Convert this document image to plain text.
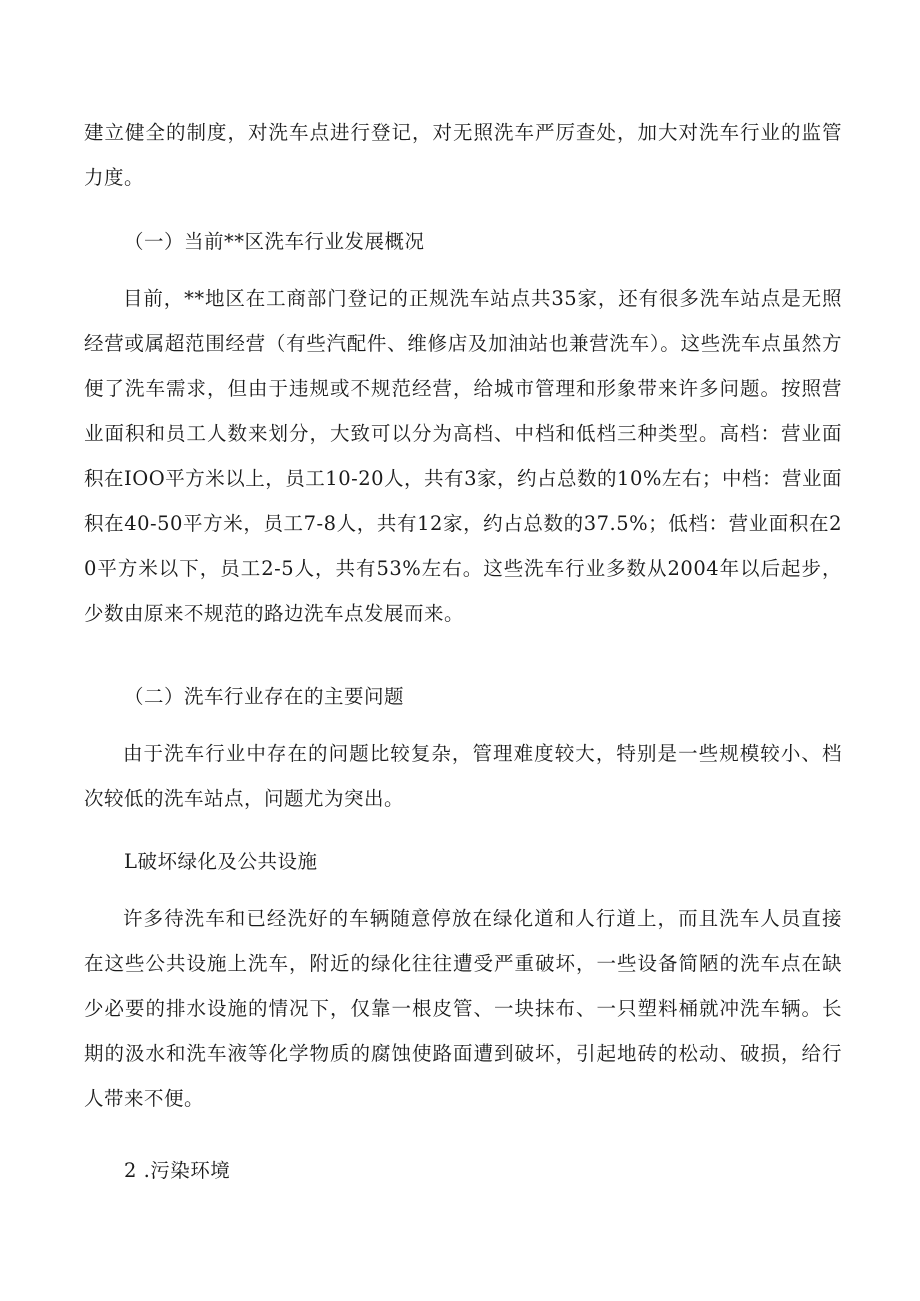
建立健全的制度，对洗车点进行登记，对无照洗车严厉查处，加大对洗车行业的监管力度。

（一）当前**区洗车行业发展概况

目前，**地区在工商部门登记的正规洗车站点共35家，还有很多洗车站点是无照经营或属超范围经营（有些汽配件、维修店及加油站也兼营洗车）。这些洗车点虽然方便了洗车需求，但由于违规或不规范经营，给城市管理和形象带来许多问题。按照营业面积和员工人数来划分，大致可以分为高档、中档和低档三种类型。高档：营业面积在IOO平方米以上，员工10-20人，共有3家，约占总数的10%左右；中档：营业面积在40-50平方米，员工7-8人，共有12家，约占总数的37.5%；低档：营业面积在20平方米以下，员工2-5人，共有53%左右。这些洗车行业多数从2004年以后起步，少数由原来不规范的路边洗车点发展而来。

（二）洗车行业存在的主要问题

由于洗车行业中存在的问题比较复杂，管理难度较大，特别是一些规模较小、档次较低的洗车站点，问题尤为突出。

L破坏绿化及公共设施

许多待洗车和已经洗好的车辆随意停放在绿化道和人行道上，而且洗车人员直接在这些公共设施上洗车，附近的绿化往往遭受严重破坏，一些设备简陋的洗车点在缺少必要的排水设施的情况下，仅靠一根皮管、一块抹布、一只塑料桶就冲洗车辆。长期的汲水和洗车液等化学物质的腐蚀使路面遭到破坏，引起地砖的松动、破损，给行人带来不便。

2 .污染环境
